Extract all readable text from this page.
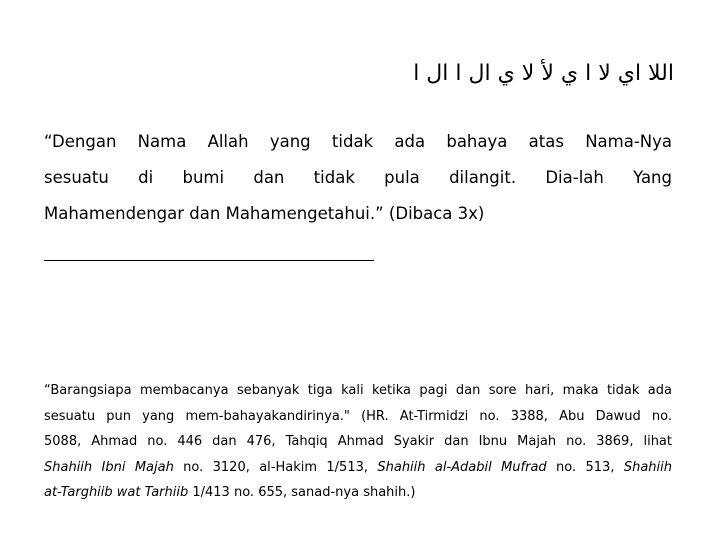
اللا اي لا ا ي لأ لا ي ال ا ال ا
“Dengan Nama Allah yang tidak ada bahaya atas Nama-Nya
sesuatu di bumi dan tidak pula dilangit. Dia-lah Yang
Mahamendengar dan Mahamengetahui.” (Dibaca 3x)
“Barangsiapa membacanya sebanyak tiga kali ketika pagi dan sore hari, maka tidak ada
sesuatu pun yang mem-bahayakandirinya." (HR. At-Tirmidzi no. 3388, Abu Dawud no.
5088, Ahmad no. 446 dan 476, Tahqiq Ahmad Syakir dan Ibnu Majah no. 3869, lihat
Shahiih Ibni Majah no. 3120, al-Hakim 1/513, Shahiih al-Adabil Mufrad no. 513, Shahiih
at-Targhiib wat Tarhiib 1/413 no. 655, sanad-nya shahih.)
